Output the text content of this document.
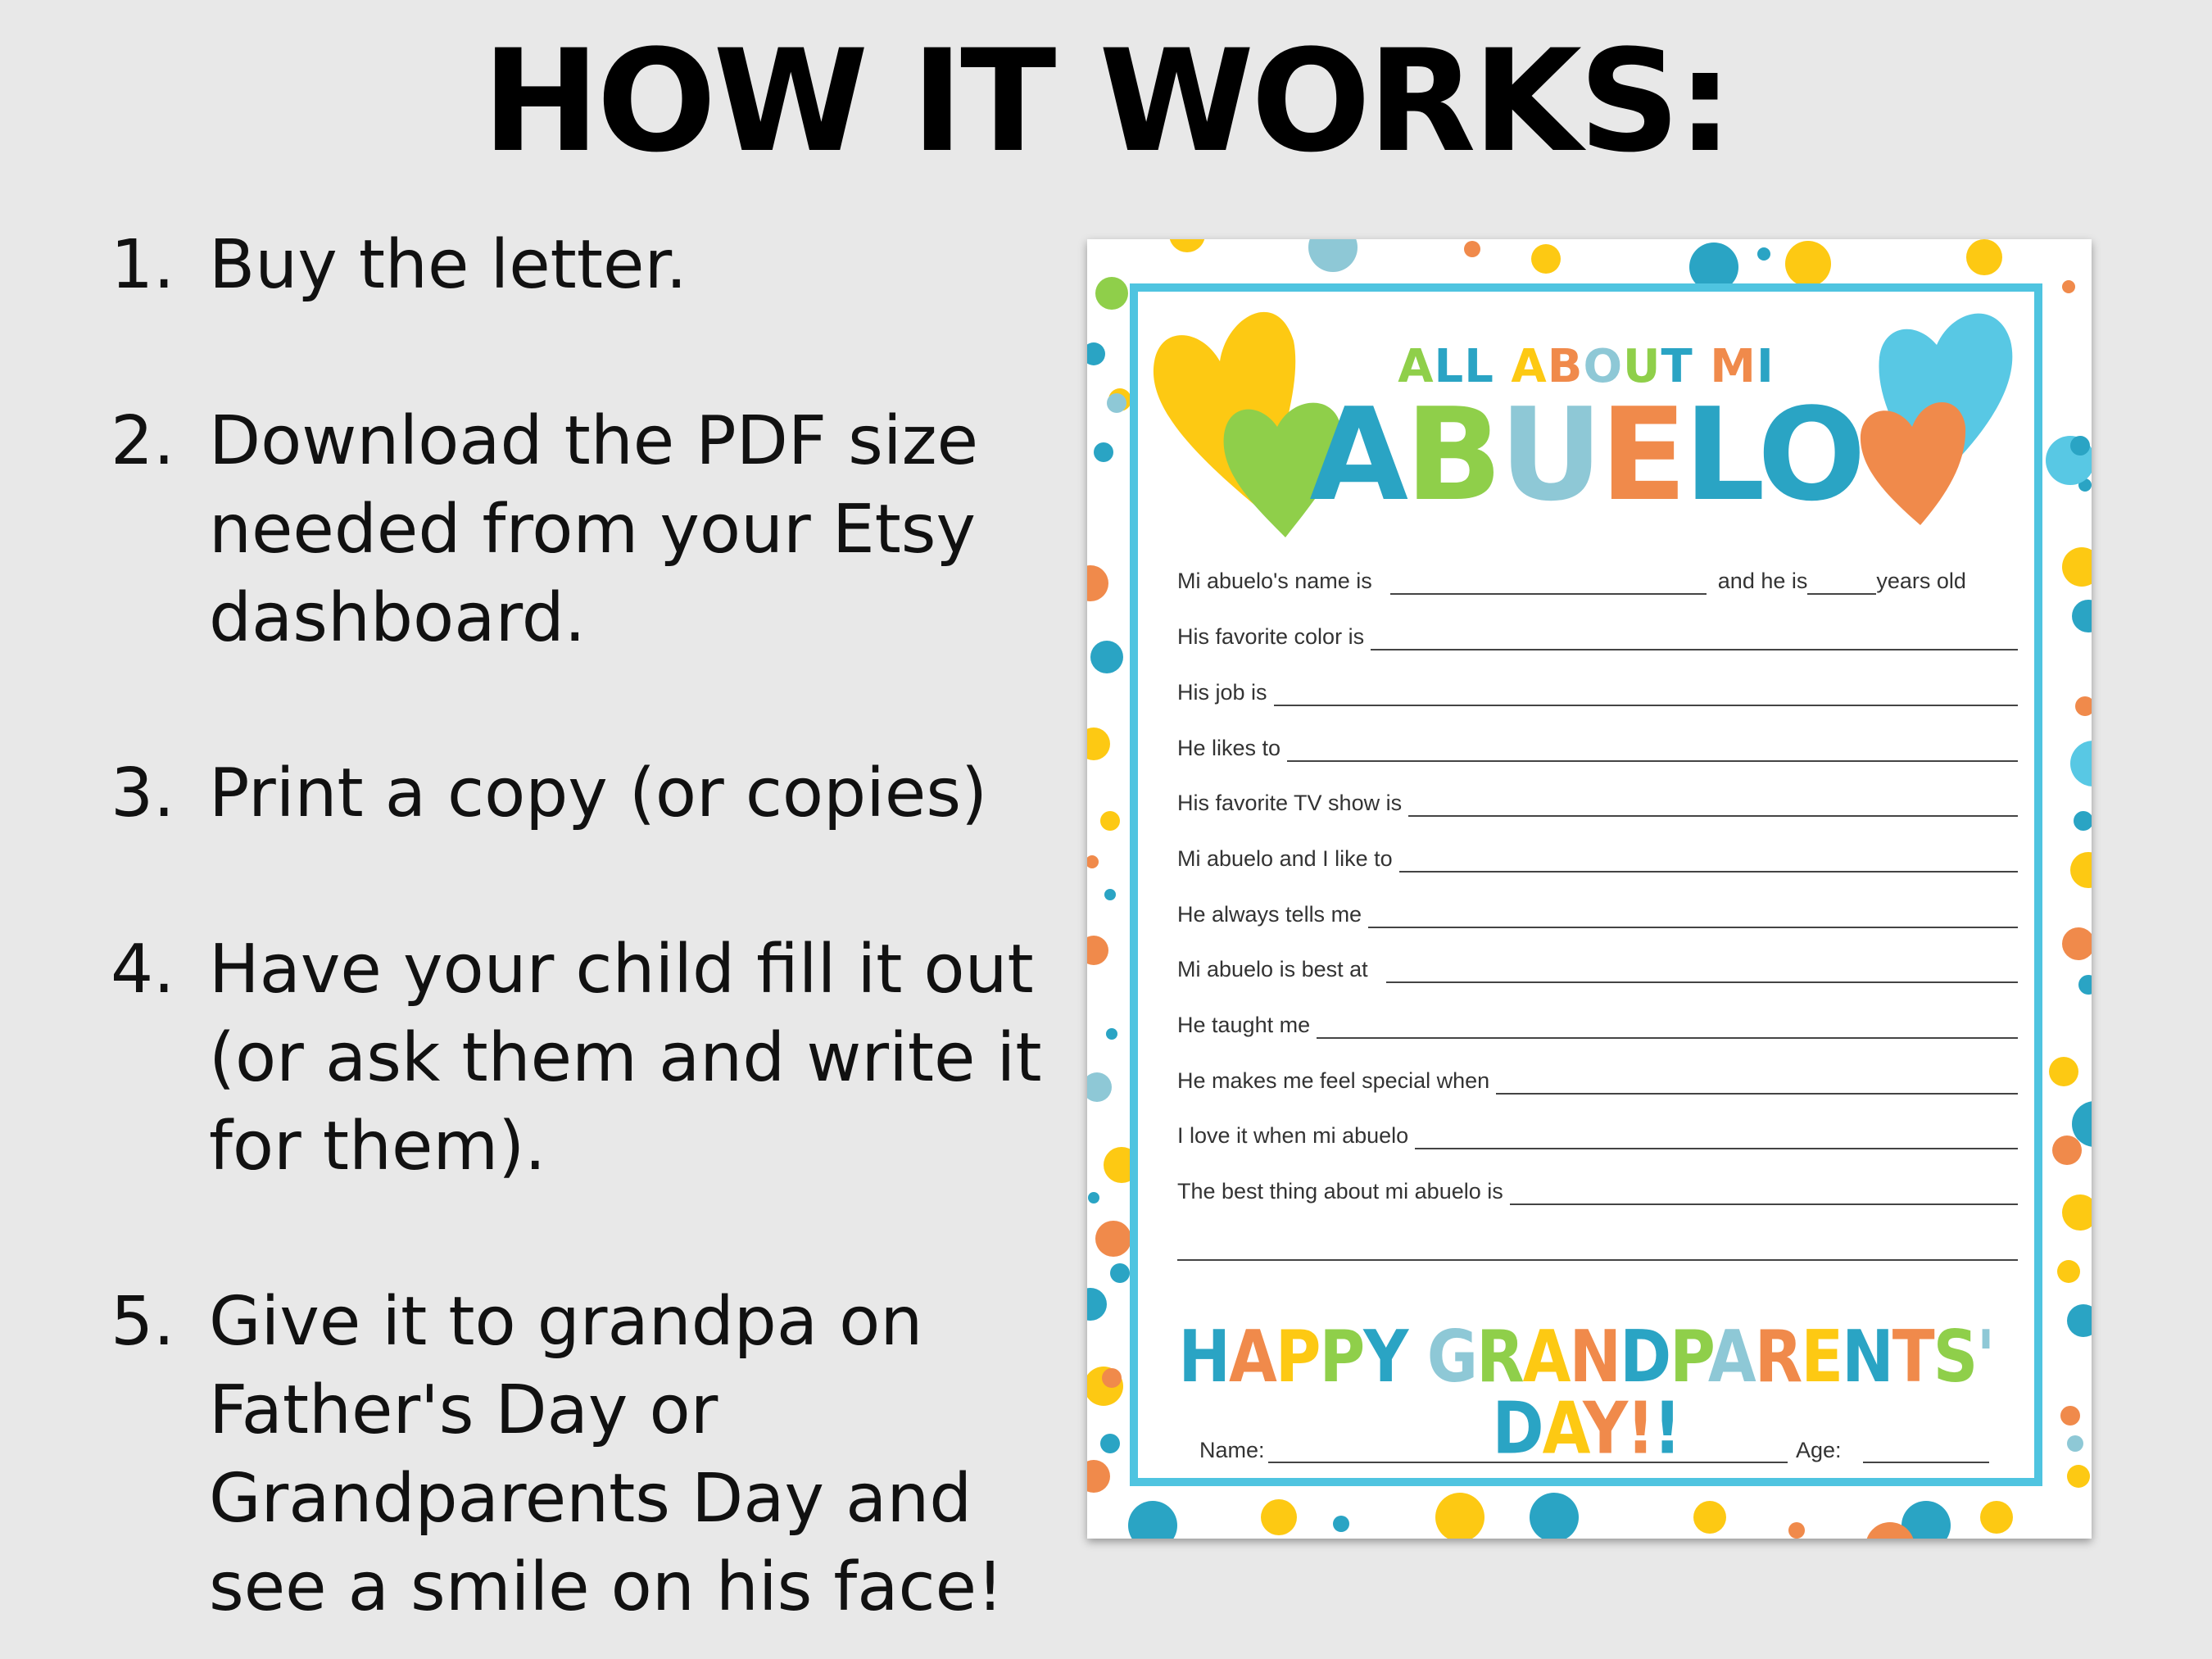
HOW IT WORKS:
1. Buy the letter.
2. Download the PDF size needed from your Etsy dashboard.
3. Print a copy (or copies)
4. Have your child fill it out (or ask them and write it for them).
5. Give it to grandpa on Father's Day or Grandparents Day and see a smile on his face!
ALL ABOUT MI
ABUELO
Mi abuelo's name is	and he is	years old
His favorite color is
His job is
He likes to
His favorite TV show is
Mi abuelo and I like to
He always tells me
Mi abuelo is best at
He taught me
He makes me feel special when
I love it when mi abuelo
The best thing about mi abuelo is
HAPPY GRANDPARENTS' DAY!!
Name:	Age:
